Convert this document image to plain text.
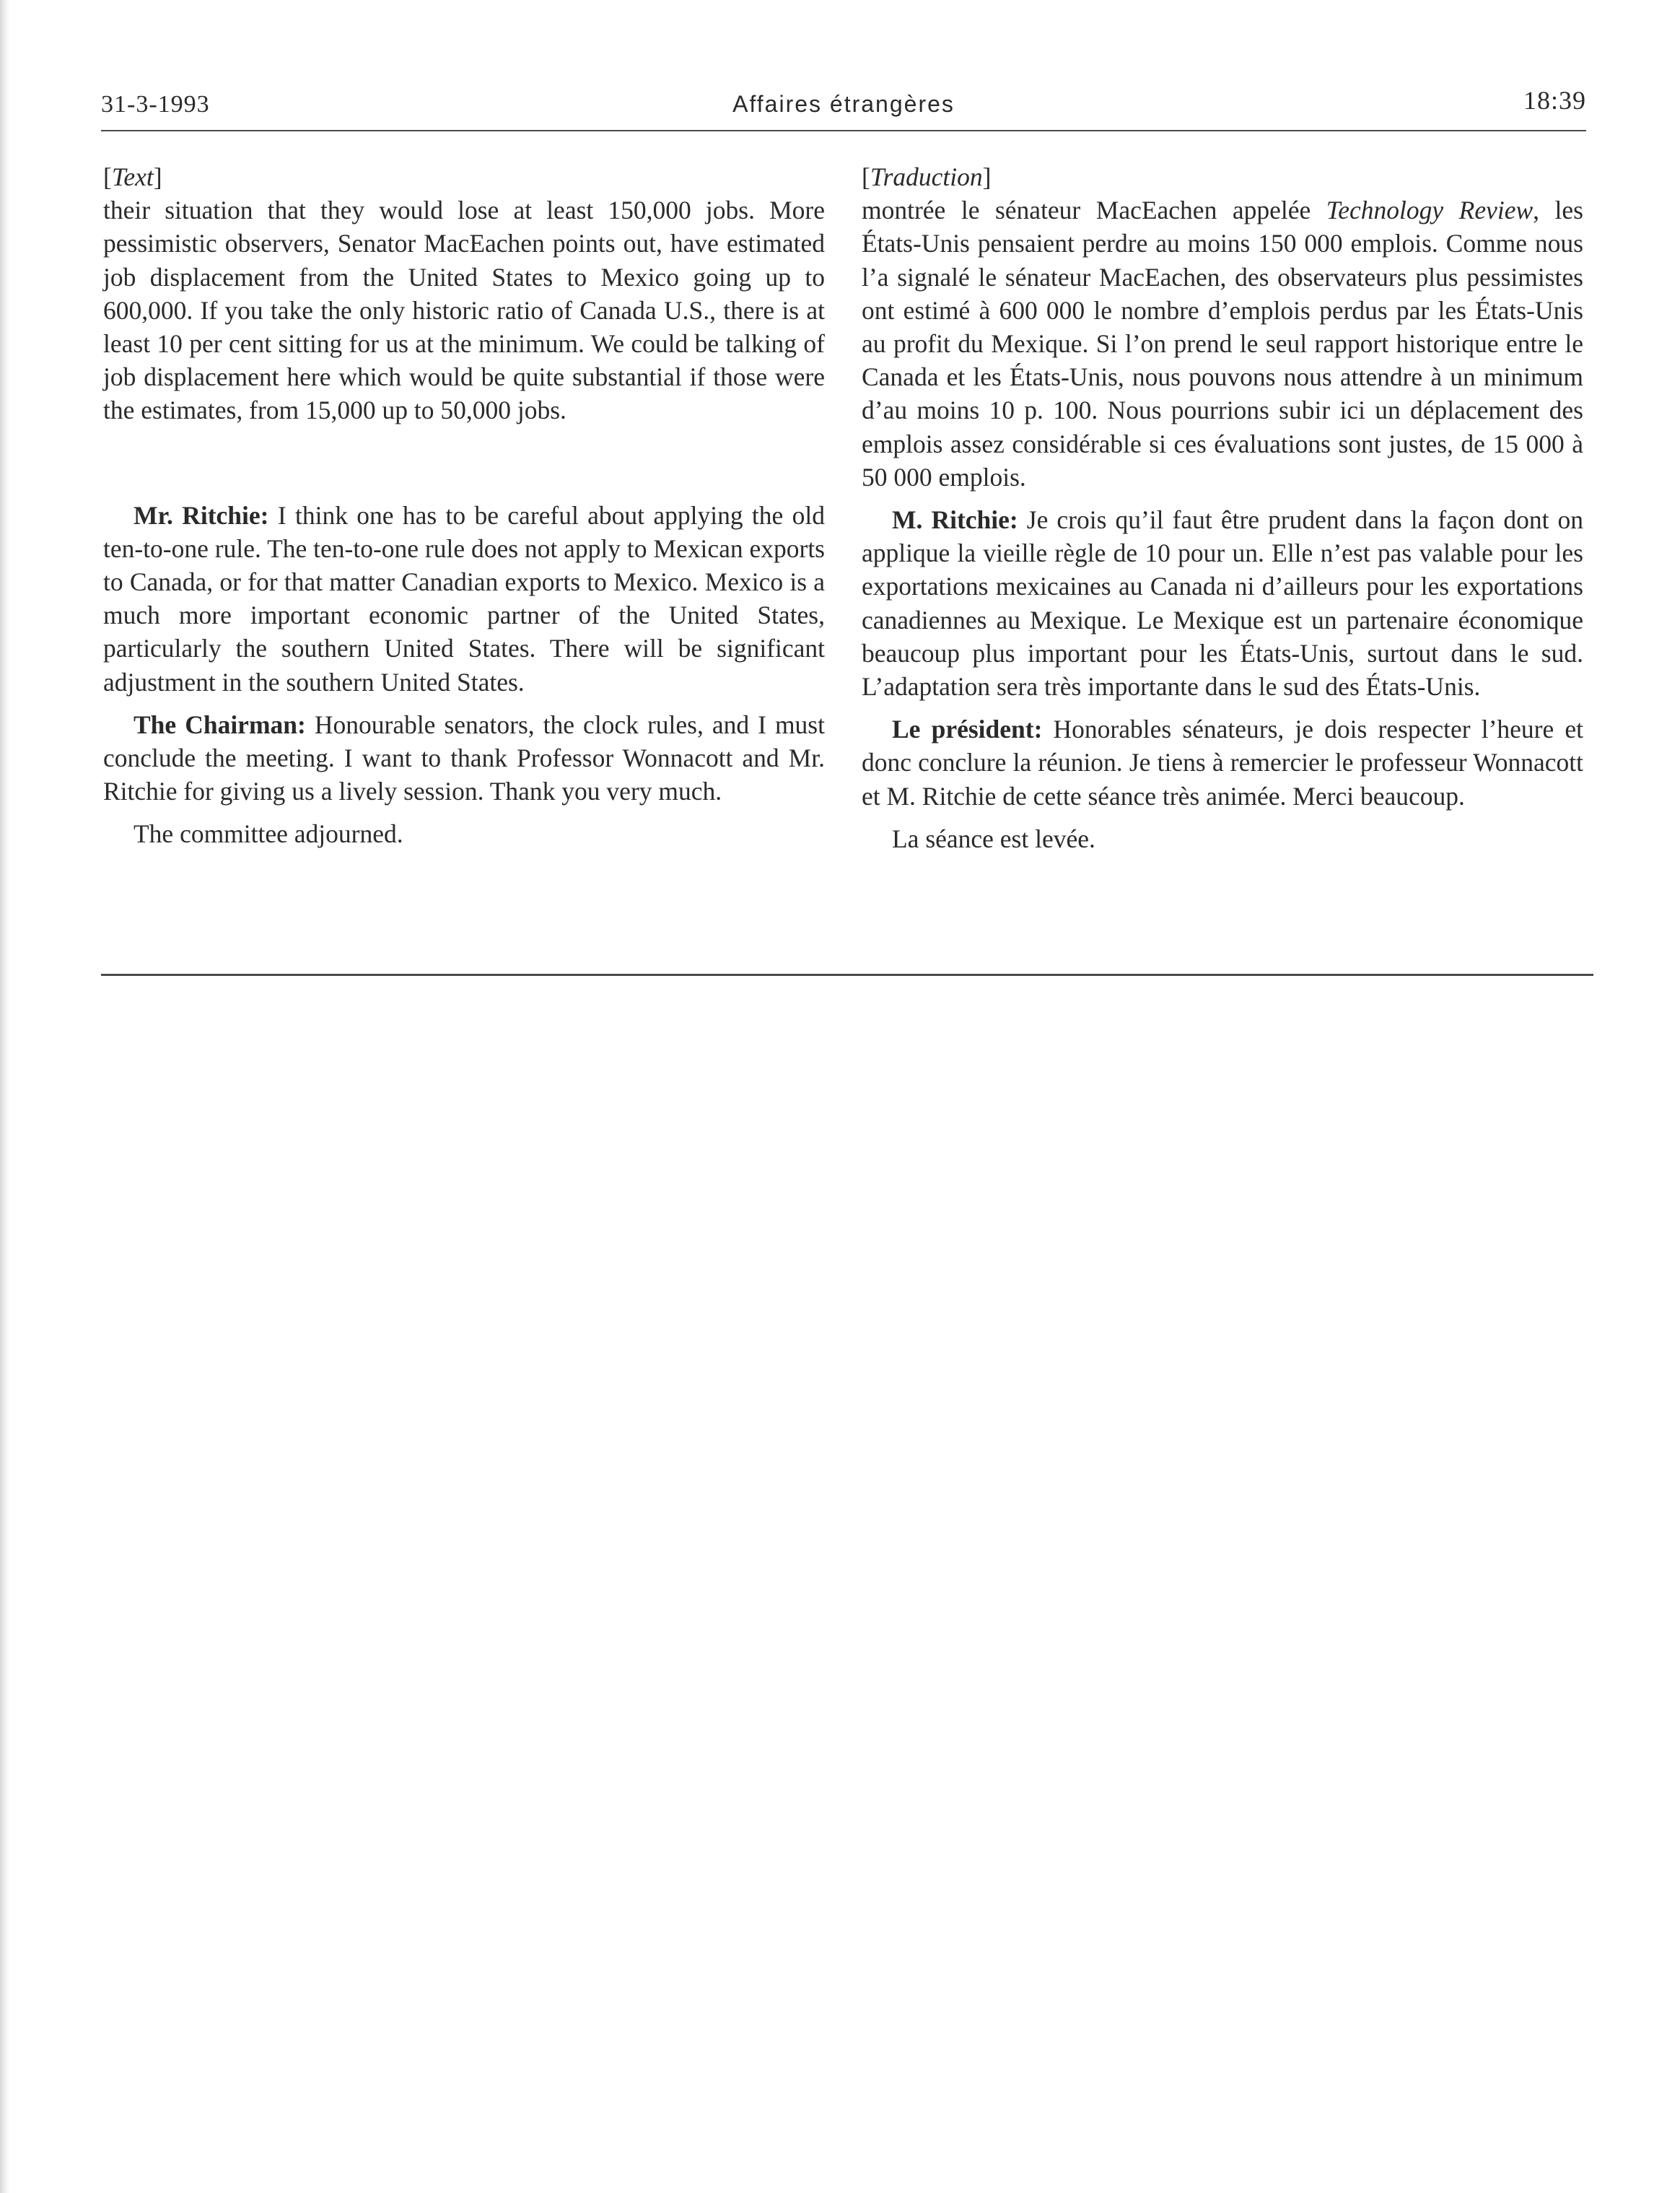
31-3-1993	Affaires étrangères	18:39

[Text]

their situation that they would lose at least 150,000 jobs. More pessimistic observers, Senator MacEachen points out, have estimated job displacement from the United States to Mexico going up to 600,000. If you take the only historic ratio of Canada U.S., there is at least 10 per cent sitting for us at the minimum. We could be talking of job displacement here which would be quite substantial if those were the estimates, from 15,000 up to 50,000 jobs.

Mr. Ritchie: I think one has to be careful about applying the old ten-to-one rule. The ten-to-one rule does not apply to Mexican exports to Canada, or for that matter Canadian exports to Mexico. Mexico is a much more important economic partner of the United States, particularly the southern United States. There will be significant adjustment in the southern United States.

The Chairman: Honourable senators, the clock rules, and I must conclude the meeting. I want to thank Professor Wonnacott and Mr. Ritchie for giving us a lively session. Thank you very much.

The committee adjourned.

[Traduction]

montrée le sénateur MacEachen appelée Technology Review, les États-Unis pensaient perdre au moins 150 000 emplois. Comme nous l’a signalé le sénateur MacEachen, des observateurs plus pessimistes ont estimé à 600 000 le nombre d’emplois perdus par les États-Unis au profit du Mexique. Si l’on prend le seul rapport historique entre le Canada et les États-Unis, nous pouvons nous attendre à un minimum d’au moins 10 p. 100. Nous pourrions subir ici un déplacement des emplois assez considérable si ces évaluations sont justes, de 15 000 à 50 000 emplois.

M. Ritchie: Je crois qu’il faut être prudent dans la façon dont on applique la vieille règle de 10 pour un. Elle n’est pas valable pour les exportations mexicaines au Canada ni d’ailleurs pour les exportations canadiennes au Mexique. Le Mexique est un partenaire économique beaucoup plus important pour les États-Unis, surtout dans le sud. L’adaptation sera très importante dans le sud des États-Unis.

Le président: Honorables sénateurs, je dois respecter l’heure et donc conclure la réunion. Je tiens à remercier le professeur Wonnacott et M. Ritchie de cette séance très animée. Merci beaucoup.

La séance est levée.
